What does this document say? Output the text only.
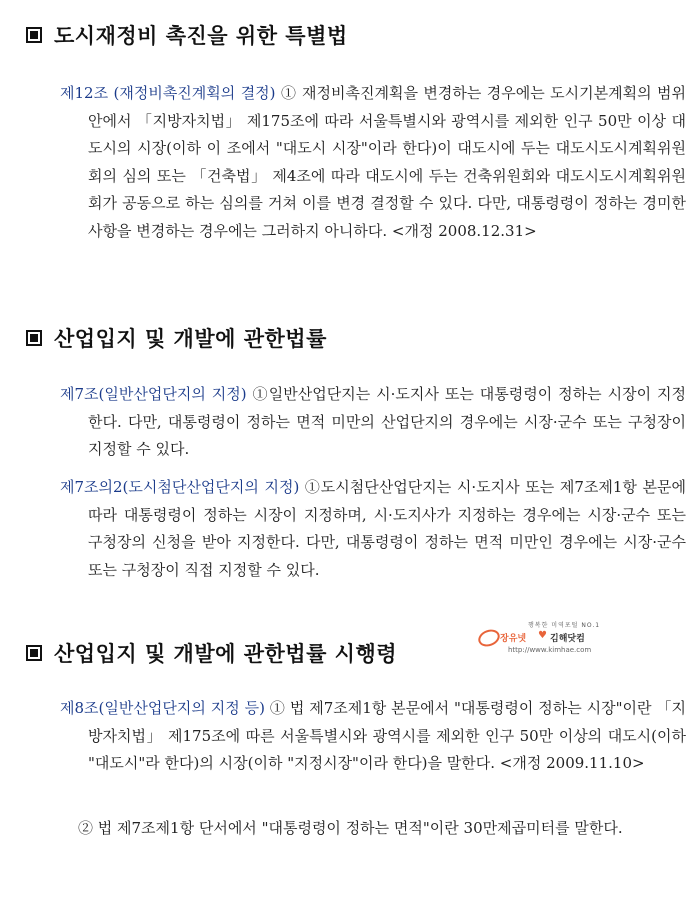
도시재정비 촉진을 위한 특별법
제12조 (재정비촉진계획의 결정) ① 재정비촉진계획을 변경하는 경우에는 도시기본계획의 범위 안에서 「지방자치법」 제175조에 따라 서울특별시와 광역시를 제외한 인구 50만 이상 대도시의 시장(이하 이 조에서 "대도시 시장"이라 한다)이 대도시에 두는 대도시도시계획위원회의 심의 또는 「건축법」 제4조에 따라 대도시에 두는 건축위원회와 대도시도시계획위원회가 공동으로 하는 심의를 거쳐 이를 변경 결정할 수 있다. 다만, 대통령령이 정하는 경미한 사항을 변경하는 경우에는 그러하지 아니하다. <개정 2008.12.31>
산업입지 및 개발에 관한법률
제7조(일반산업단지의 지정) ①일반산업단지는 시·도지사 또는 대통령령이 정하는 시장이 지정한다. 다만, 대통령령이 정하는 면적 미만의 산업단지의 경우에는 시장·군수 또는 구청장이 지정할 수 있다.
제7조의2(도시첨단산업단지의 지정) ①도시첨단산업단지는 시·도지사 또는 제7조제1항 본문에 따라 대통령령이 정하는 시장이 지정하며, 시·도지사가 지정하는 경우에는 시장·군수 또는 구청장의 신청을 받아 지정한다. 다만, 대통령령이 정하는 면적 미만인 경우에는 시장·군수 또는 구청장이 직접 지정할 수 있다.
행복한 미역포털 NO.1
장유넷 ♥ 김해닷컴
http://www.kimhae.com
산업입지 및 개발에 관한법률 시행령
제8조(일반산업단지의 지정 등) ① 법 제7조제1항 본문에서 "대통령령이 정하는 시장"이란 「지방자치법」 제175조에 따른 서울특별시와 광역시를 제외한 인구 50만 이상의 대도시(이하 "대도시"라 한다)의 시장(이하 "지정시장"이라 한다)을 말한다. <개정 2009.11.10>
② 법 제7조제1항 단서에서 "대통령령이 정하는 면적"이란 30만제곱미터를 말한다.
